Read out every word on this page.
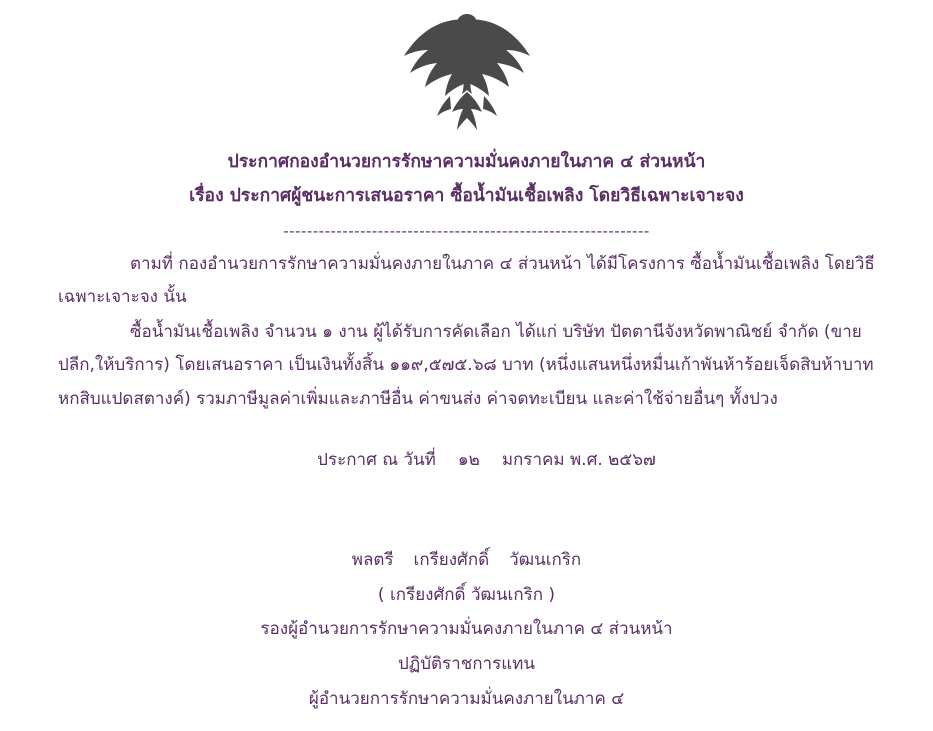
ประกาศกองอำนวยการรักษาความมั่นคงภายในภาค ๔ ส่วนหน้า
เรื่อง ประกาศผู้ชนะการเสนอราคา ซื้อน้ำมันเชื้อเพลิง โดยวิธีเฉพาะเจาะจง
--------------------------------------------------------------

ตามที่ กองอำนวยการรักษาความมั่นคงภายในภาค ๔ ส่วนหน้า ได้มีโครงการ ซื้อน้ำมันเชื้อเพลิง โดยวิธีเฉพาะเจาะจง นั้น

ซื้อน้ำมันเชื้อเพลิง จำนวน ๑ งาน ผู้ได้รับการคัดเลือก ได้แก่ บริษัท ปัตตานีจังหวัดพาณิชย์ จำกัด (ขายปลีก,ให้บริการ) โดยเสนอราคา เป็นเงินทั้งสิ้น ๑๑๙,๕๗๕.๖๘ บาท (หนึ่งแสนหนึ่งหมื่นเก้าพันห้าร้อยเจ็ดสิบห้าบาทหกสิบแปดสตางค์) รวมภาษีมูลค่าเพิ่มและภาษีอื่น ค่าขนส่ง ค่าจดทะเบียน และค่าใช้จ่ายอื่นๆ ทั้งปวง

ประกาศ ณ วันที่ ๑๒ มกราคม พ.ศ. ๒๕๖๗
พลตรี เกรียงศักดิ์ วัฒนเกริก
( เกรียงศักดิ์ วัฒนเกริก )
รองผู้อำนวยการรักษาความมั่นคงภายในภาค ๔ ส่วนหน้า
ปฏิบัติราชการแทน
ผู้อำนวยการรักษาความมั่นคงภายในภาค ๔
